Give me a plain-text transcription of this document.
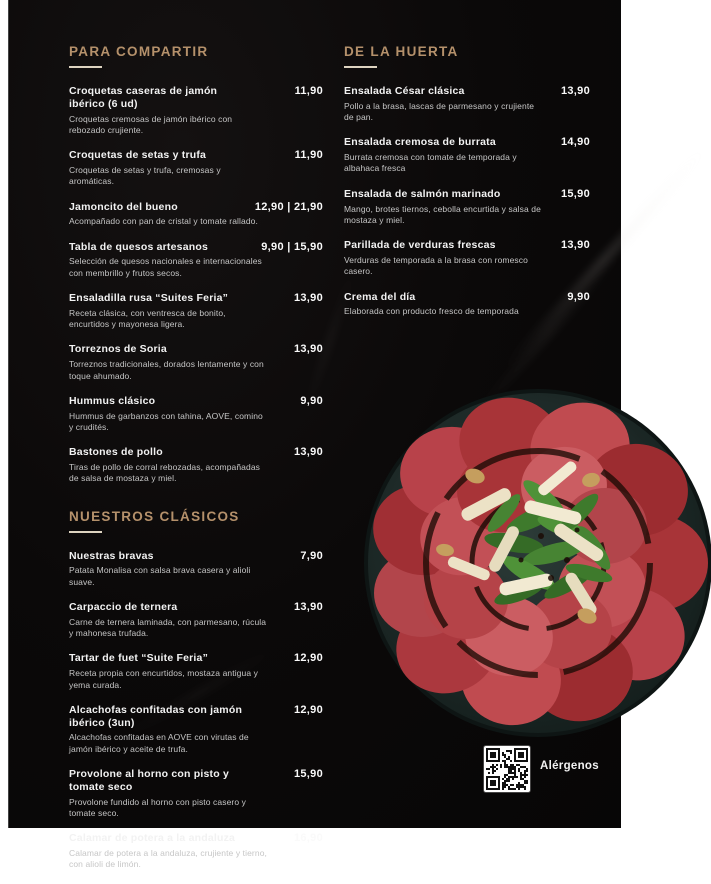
PARA COMPARTIR
Croquetas caseras de jamón ibérico (6 ud)
11,90
Croquetas cremosas de jamón ibérico con rebozado crujiente.
Croquetas de setas y trufa	11,90
Croquetas de setas y trufa, cremosas y aromáticas.
Jamoncito del bueno	12,90 | 21,90
Acompañado con pan de cristal y tomate rallado.
Tabla de quesos artesanos	9,90 | 15,90
Selección de quesos nacionales e internacionales con membrillo y frutos secos.
Ensaladilla rusa “Suites Feria”	13,90
Receta clásica, con ventresca de bonito, encurtidos y mayonesa ligera.
Torreznos de Soria	13,90
Torreznos tradicionales, dorados lentamente y con toque ahumado.
Hummus clásico	9,90
Hummus de garbanzos con tahina, AOVE, comino y crudités.
Bastones de pollo	13,90
Tiras de pollo de corral rebozadas, acompañadas de salsa de mostaza y miel.
NUESTROS CLÁSICOS
Nuestras bravas	7,90
Patata Monalisa con salsa brava casera y alioli suave.
Carpaccio de ternera	13,90
Carne de ternera laminada, con parmesano, rúcula y mahonesa trufada.
Tartar de fuet “Suite Feria”	12,90
Receta propia con encurtidos, mostaza antigua y yema curada.
Alcachofas confitadas con jamón ibérico (3un)
12,90
Alcachofas confitadas en AOVE con virutas de jamón ibérico y aceite de trufa.
Provolone al horno con pisto y tomate seco
15,90
Provolone fundido al horno con pisto casero y tomate seco.
Calamar de potera a la andaluza	16,90
Calamar de potera a la andaluza, crujiente y tierno, con alioli de limón.
DE LA HUERTA
Ensalada César clásica	13,90
Pollo a la brasa, lascas de parmesano y crujiente de pan.
Ensalada cremosa de burrata	14,90
Burrata cremosa con tomate de temporada y albahaca fresca
Ensalada de salmón marinado	15,90
Mango, brotes tiernos, cebolla encurtida y salsa de mostaza y miel.
Parillada de verduras frescas	13,90
Verduras de temporada a la brasa con romesco casero.
Crema del día	9,90
Elaborada con producto fresco de temporada
Alérgenos
